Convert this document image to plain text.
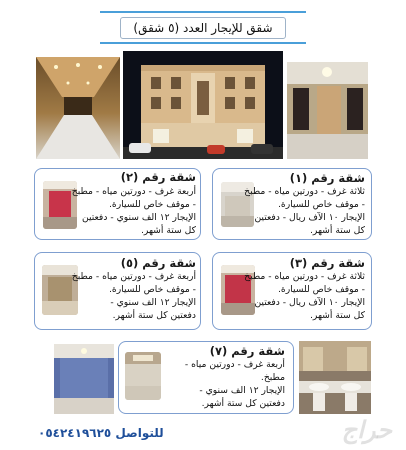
شقق للإيجار العدد (٥ شقق)
شقة رقم (١)
ثلاثة غرف - دورتين مياه - مطبخ
- موقف خاص للسيارة.
الإيجار ١٠ الآف ريال - دفعتين
كل ستة أشهر.
شقة رقم (٢)
أربعة غرف - دورتين مياه - مطبخ
- موقف خاص للسيارة.
الإيجار ١٢ الف سنوي - دفعتين
كل ستة أشهر.
شقة رقم (٣)
ثلاثة غرف - دورتين مياه - مطبخ
- موقف خاص للسيارة.
الإيجار ١٠ الآف ريال - دفعتين
كل ستة أشهر.
شقة رقم (٥)
أربعة غرف - دورتين مياه - مطبخ
- موقف خاص للسيارة.
الإيجار ١٢ الف سنوي -
دفعتين كل ستة أشهر.
شقة رقم (٧)
أربعة غرف - دورتين مياه -
مطبخ.
الإيجار ١٢ الف سنوي -
دفعتين كل ستة أشهر.
للتواصل ٠٥٤٢٤١٩٦٢٥	حراج
